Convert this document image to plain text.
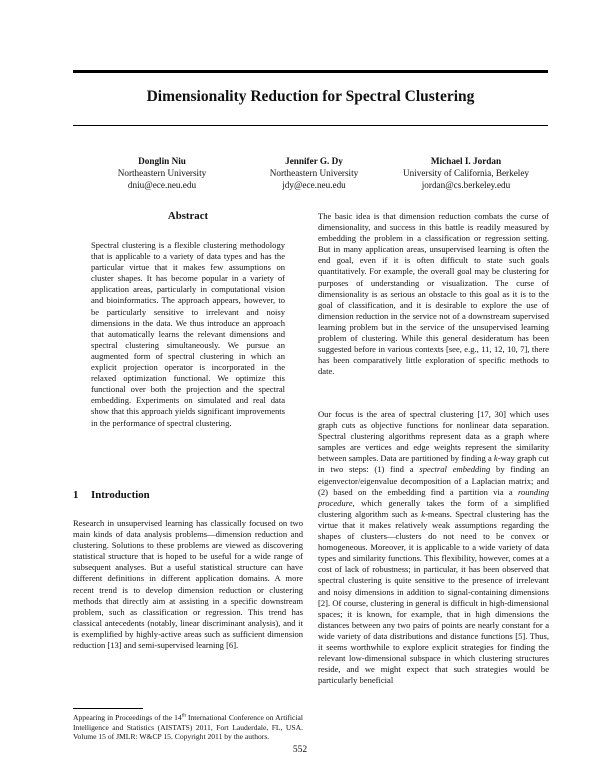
Dimensionality Reduction for Spectral Clustering
Donglin Niu
Northeastern University
dniu@ece.neu.edu
Jennifer G. Dy
Northeastern University
jdy@ece.neu.edu
Michael I. Jordan
University of California, Berkeley
jordan@cs.berkeley.edu
Abstract

Spectral clustering is a flexible clustering methodology that is applicable to a variety of data types and has the particular virtue that it makes few assumptions on cluster shapes. It has become popular in a variety of application areas, particularly in computational vision and bioinformatics. The approach appears, however, to be particularly sensitive to irrelevant and noisy dimensions in the data. We thus introduce an approach that automatically learns the relevant dimensions and spectral clustering simultaneously. We pursue an augmented form of spectral clustering in which an explicit projection operator is incorporated in the relaxed optimization functional. We optimize this functional over both the projection and the spectral embedding. Experiments on simulated and real data show that this approach yields significant improvements in the performance of spectral clustering.

1 Introduction

Research in unsupervised learning has classically focused on two main kinds of data analysis problems—dimension reduction and clustering. Solutions to these problems are viewed as discovering statistical structure that is hoped to be useful for a wide range of subsequent analyses. But a useful statistical structure can have different definitions in different application domains. A more recent trend is to develop dimension reduction or clustering methods that directly aim at assisting in a specific downstream problem, such as classification or regression. This trend has classical antecedents (notably, linear discriminant analysis), and it is exemplified by highly-active areas such as sufficient dimension reduction [13] and semi-supervised learning [6].

The basic idea is that dimension reduction combats the curse of dimensionality, and success in this battle is readily measured by embedding the problem in a classification or regression setting. But in many application areas, unsupervised learning is often the end goal, even if it is often difficult to state such goals quantitatively. For example, the overall goal may be clustering for purposes of understanding or visualization. The curse of dimensionality is as serious an obstacle to this goal as it is to the goal of classification, and it is desirable to explore the use of dimension reduction in the service not of a downstream supervised learning problem but in the service of the unsupervised learning problem of clustering. While this general desideratum has been suggested before in various contexts [see, e.g., 11, 12, 10, 7], there has been comparatively little exploration of specific methods to date.

Our focus is the area of spectral clustering [17, 30] which uses graph cuts as objective functions for nonlinear data separation. Spectral clustering algorithms represent data as a graph where samples are vertices and edge weights represent the similarity between samples. Data are partitioned by finding a k-way graph cut in two steps: (1) find a spectral embedding by finding an eigenvector/eigenvalue decomposition of a Laplacian matrix; and (2) based on the embedding find a partition via a rounding procedure, which generally takes the form of a simplified clustering algorithm such as k-means. Spectral clustering has the virtue that it makes relatively weak assumptions regarding the shapes of clusters—clusters do not need to be convex or homogeneous. Moreover, it is applicable to a wide variety of data types and similarity functions. This flexibility, however, comes at a cost of lack of robustness; in particular, it has been observed that spectral clustering is quite sensitive to the presence of irrelevant and noisy dimensions in addition to signal-containing dimensions [2]. Of course, clustering in general is difficult in high-dimensional spaces; it is known, for example, that in high dimensions the distances between any two pairs of points are nearly constant for a wide variety of data distributions and distance functions [5]. Thus, it seems worthwhile to explore explicit strategies for finding the relevant low-dimensional subspace in which clustering structures reside, and we might expect that such strategies would be particularly beneficial

Appearing in Proceedings of the 14th International Conference on Artificial Intelligence and Statistics (AISTATS) 2011, Fort Lauderdale, FL, USA. Volume 15 of JMLR: W&CP 15. Copyright 2011 by the authors.
552
